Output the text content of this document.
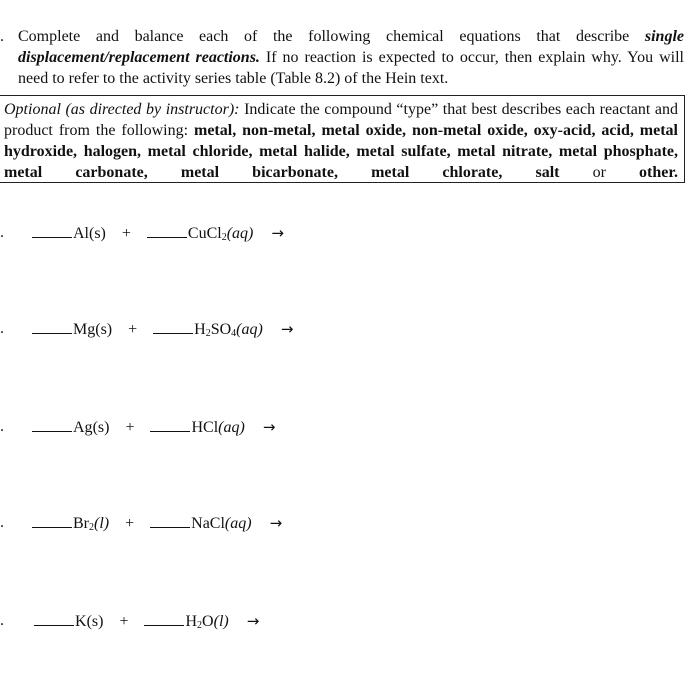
. Complete and balance each of the following chemical equations that describe single displacement/replacement reactions. If no reaction is expected to occur, then explain why. You will need to refer to the activity series table (Table 8.2) of the Hein text.
Optional (as directed by instructor): Indicate the compound “type” that best describes each reactant and product from the following: metal, non-metal, metal oxide, non-metal oxide, oxy-acid, acid, metal hydroxide, halogen, metal chloride, metal halide, metal sulfate, metal nitrate, metal phosphate, metal carbonate, metal bicarbonate, metal chlorate, salt or other.
.	Al(s) +	CuCl$_2$(aq) →
.	Mg(s) +	$H_2SO_4(aq)$ →
.	Ag(s) +	HCl(aq) →
.	$Br_2(l)$ +	NaCl(aq) →
.	K(s) +	$H_2O(l)$ →
